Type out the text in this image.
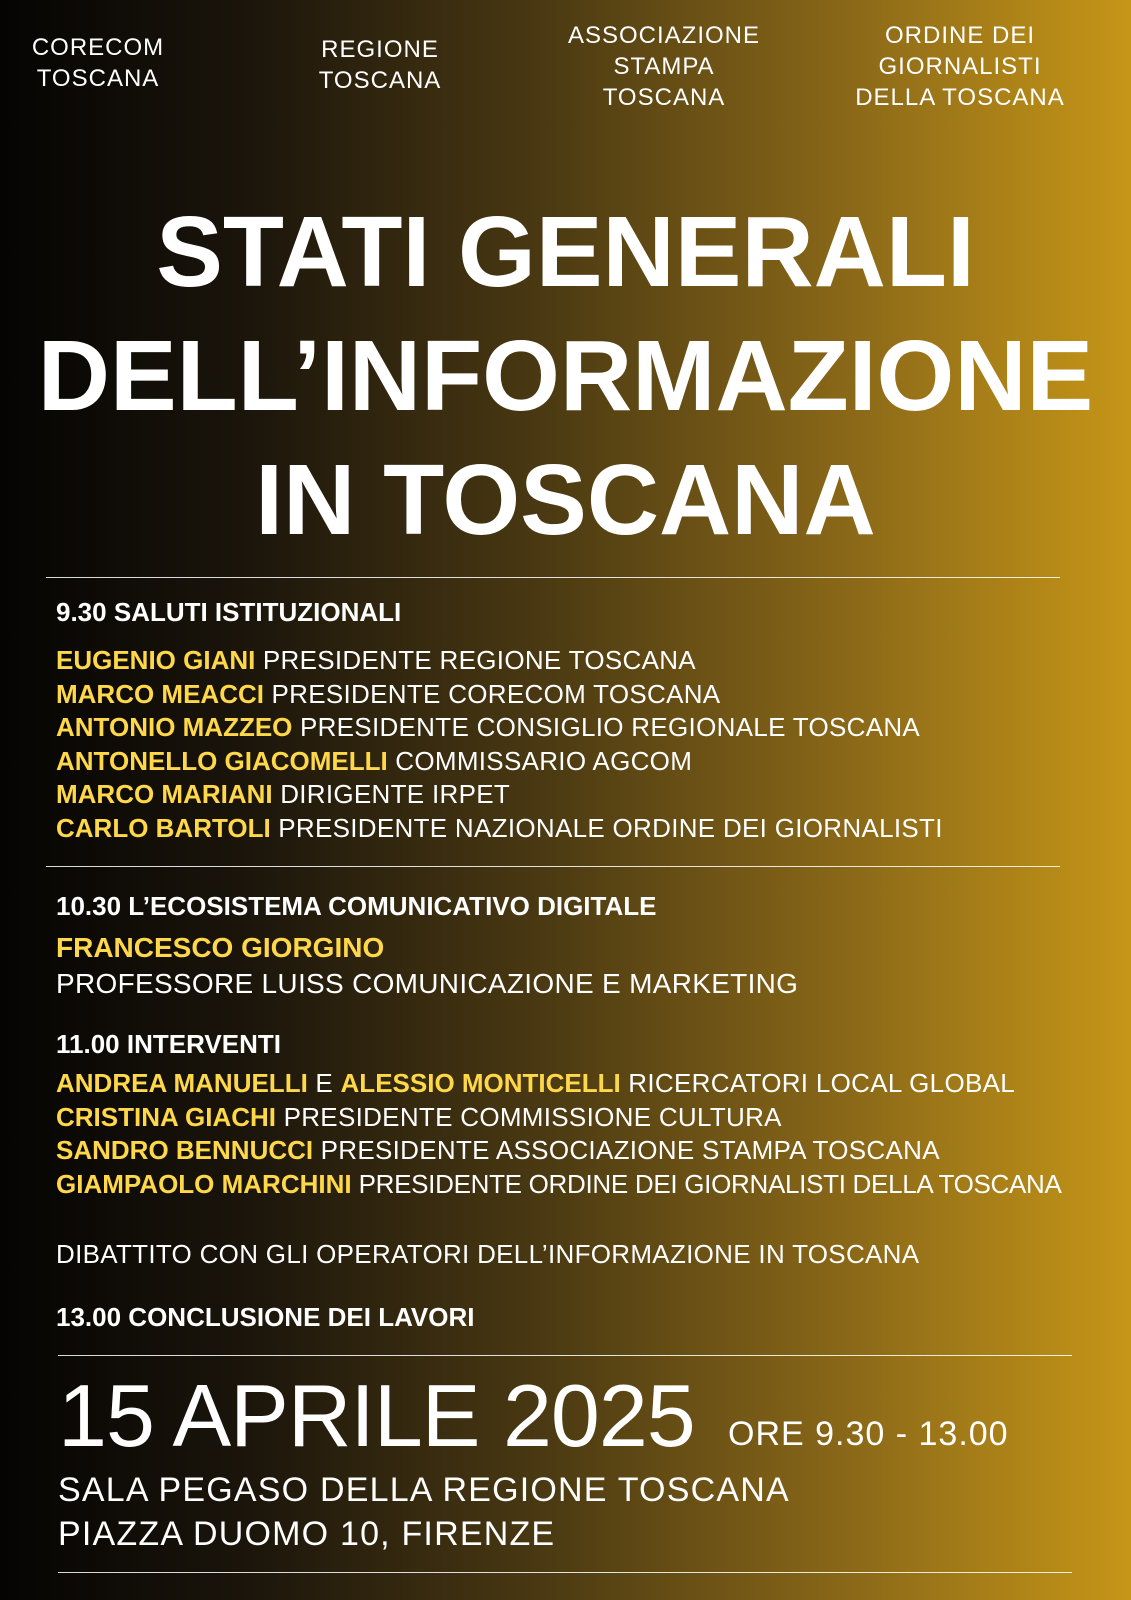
CORECOM
TOSCANA
REGIONE
TOSCANA
ASSOCIAZIONE
STAMPA
TOSCANA
ORDINE DEI
GIORNALISTI
DELLA TOSCANA
STATI GENERALI
DELL’INFORMAZIONE
IN TOSCANA
9.30 SALUTI ISTITUZIONALI
EUGENIO GIANI PRESIDENTE REGIONE TOSCANA
MARCO MEACCI PRESIDENTE CORECOM TOSCANA
ANTONIO MAZZEO PRESIDENTE CONSIGLIO REGIONALE TOSCANA
ANTONELLO GIACOMELLI COMMISSARIO AGCOM
MARCO MARIANI DIRIGENTE IRPET
CARLO BARTOLI PRESIDENTE NAZIONALE ORDINE DEI GIORNALISTI
10.30 L’ECOSISTEMA COMUNICATIVO DIGITALE
FRANCESCO GIORGINO
PROFESSORE LUISS COMUNICAZIONE E MARKETING
11.00 INTERVENTI
ANDREA MANUELLI E ALESSIO MONTICELLI RICERCATORI LOCAL GLOBAL
CRISTINA GIACHI PRESIDENTE COMMISSIONE CULTURA
SANDRO BENNUCCI PRESIDENTE ASSOCIAZIONE STAMPA TOSCANA
GIAMPAOLO MARCHINI PRESIDENTE ORDINE DEI GIORNALISTI DELLA TOSCANA
DIBATTITO CON GLI OPERATORI DELL’INFORMAZIONE IN TOSCANA
13.00 CONCLUSIONE DEI LAVORI
15 APRILE 2025 ORE 9.30 - 13.00
SALA PEGASO DELLA REGIONE TOSCANA
PIAZZA DUOMO 10, FIRENZE
